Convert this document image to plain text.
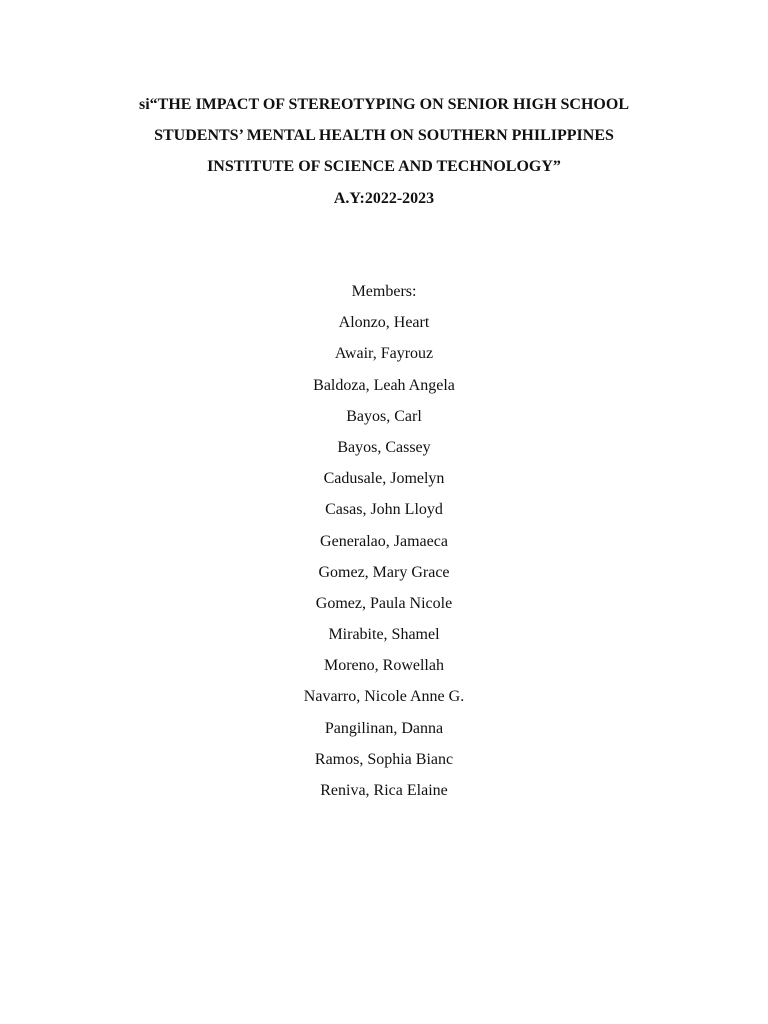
si“THE IMPACT OF STEREOTYPING ON SENIOR HIGH SCHOOL
STUDENTS’ MENTAL HEALTH ON SOUTHERN PHILIPPINES
INSTITUTE OF SCIENCE AND TECHNOLOGY”
A.Y:2022-2023
Members:
Alonzo, Heart
Awair, Fayrouz
Baldoza, Leah Angela
Bayos, Carl
Bayos, Cassey
Cadusale, Jomelyn
Casas, John Lloyd
Generalao, Jamaeca
Gomez, Mary Grace
Gomez, Paula Nicole
Mirabite, Shamel
Moreno, Rowellah
Navarro, Nicole Anne G.
Pangilinan, Danna
Ramos, Sophia Bianc
Reniva, Rica Elaine
